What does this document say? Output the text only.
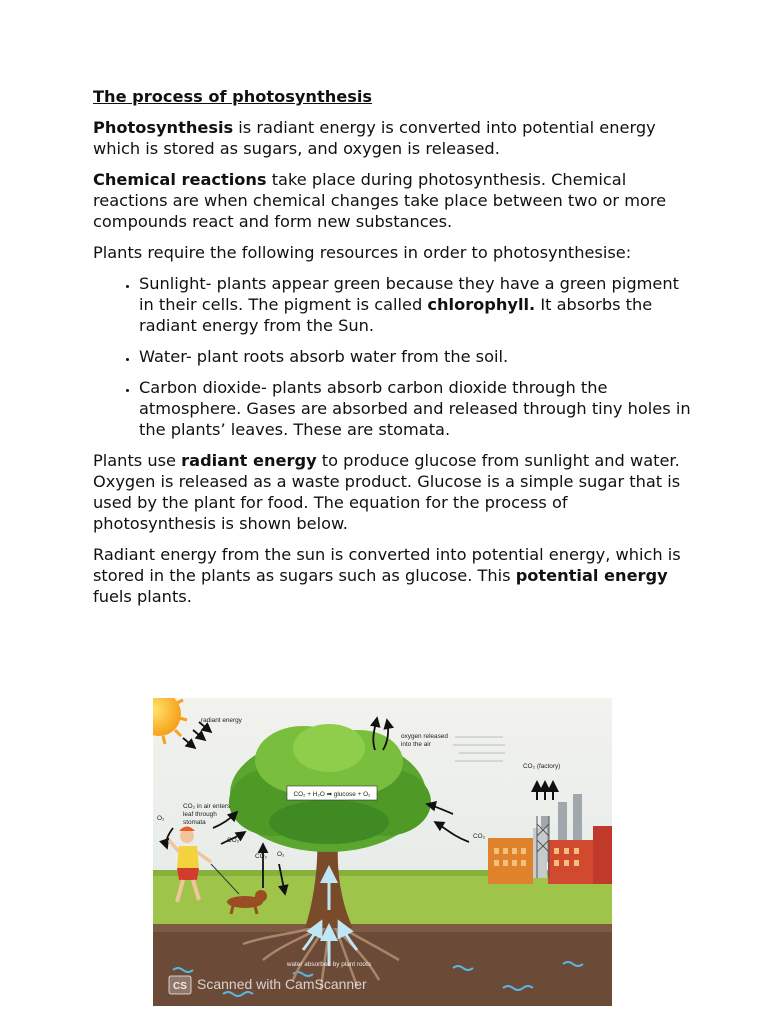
The process of photosynthesis

Photosynthesis is radiant energy is converted into potential energy which is stored as sugars, and oxygen is released.

Chemical reactions take place during photosynthesis. Chemical reactions are when chemical changes take place between two or more compounds react and form new substances.

Plants require the following resources in order to photosynthesise:

• Sunlight- plants appear green because they have a green pigment in their cells. The pigment is called chlorophyll. It absorbs the radiant energy from the Sun.
• Water- plant roots absorb water from the soil.
• Carbon dioxide- plants absorb carbon dioxide through the atmosphere. Gases are absorbed and released through tiny holes in the plants’ leaves. These are stomata.

Plants use radiant energy to produce glucose from sunlight and water. Oxygen is released as a waste product. Glucose is a simple sugar that is used by the plant for food. The equation for the process of photosynthesis is shown below.

Radiant energy from the sun is converted into potential energy, which is stored in the plants as sugars such as glucose. This potential energy fuels plants.

CO₂ + H₂O ➡ glucose + O₂
radiant energy
oxygen released
into the air
CO₂ (factory)
CO₂
CO₂ in air enters
leaf through
stomata
O₂
CO₂
CO₂ O₂
water absorbed by plant roots
CS Scanned with CamScanner
